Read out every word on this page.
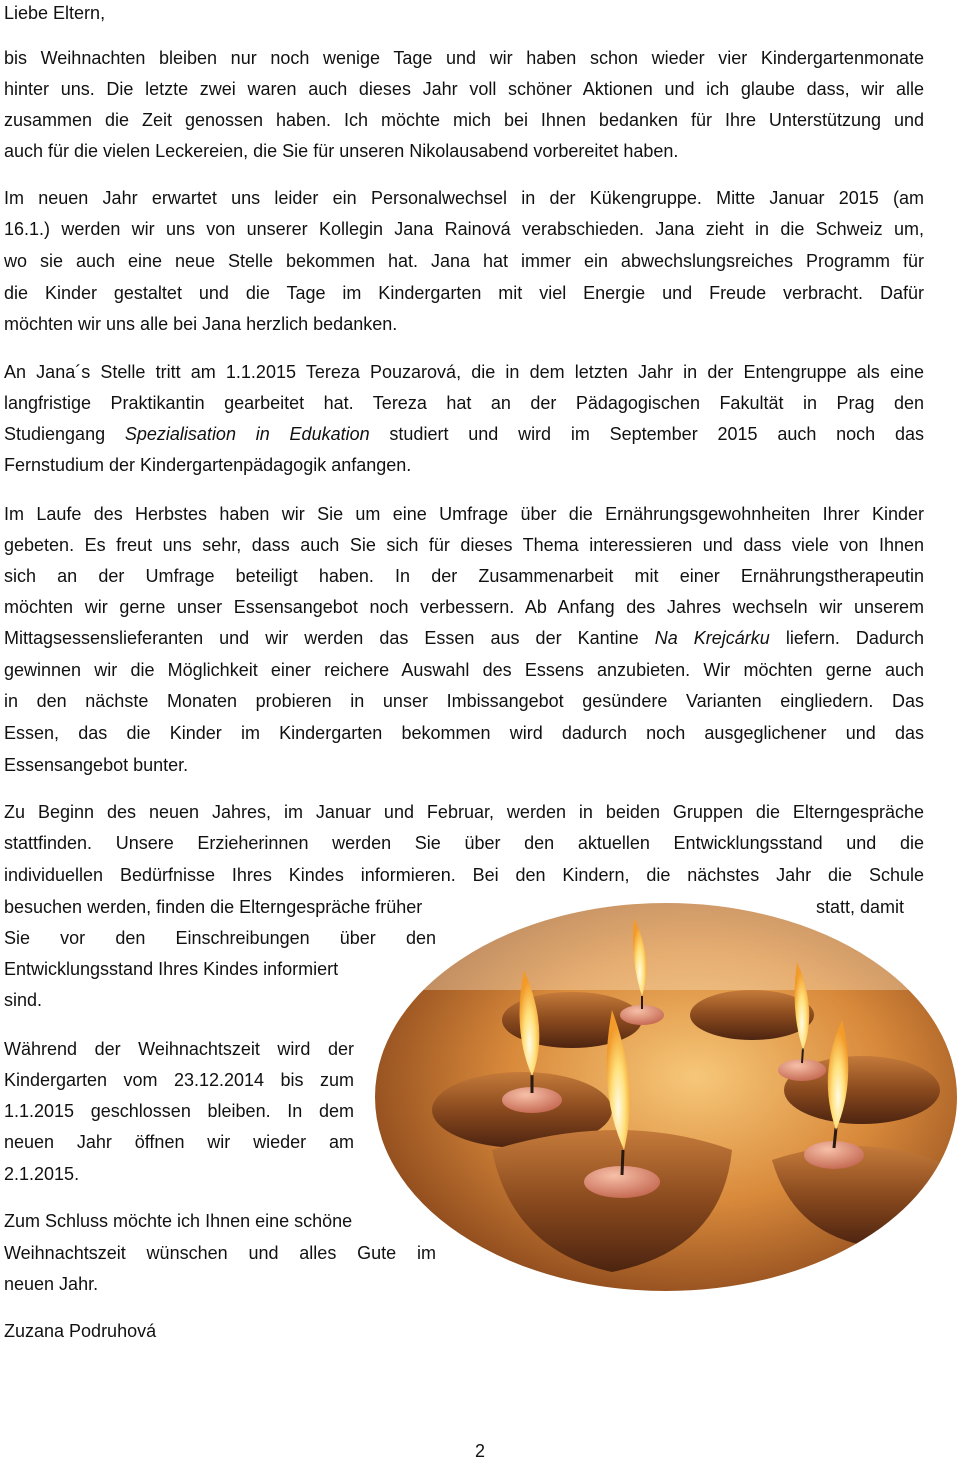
Liebe Eltern,
bis Weihnachten bleiben nur noch wenige Tage und wir haben schon wieder vier Kindergartenmonate
hinter uns. Die letzte zwei waren auch dieses Jahr voll schöner Aktionen und ich glaube dass, wir alle
zusammen die Zeit genossen haben. Ich möchte mich bei Ihnen bedanken für Ihre Unterstützung und
auch für die vielen Leckereien, die Sie für unseren Nikolausabend vorbereitet haben.
Im neuen Jahr erwartet uns leider ein Personalwechsel in der Kükengruppe. Mitte Januar 2015 (am
16.1.) werden wir uns von unserer Kollegin Jana Rainová verabschieden. Jana zieht in die Schweiz um,
wo sie auch eine neue Stelle bekommen hat. Jana hat immer ein abwechslungsreiches Programm für
die Kinder gestaltet und die Tage im Kindergarten mit viel Energie und Freude verbracht. Dafür
möchten wir uns alle bei Jana herzlich bedanken.
An Jana´s Stelle tritt am 1.1.2015 Tereza Pouzarová, die in dem letzten Jahr in der Entengruppe als eine
langfristige Praktikantin gearbeitet hat. Tereza hat an der Pädagogischen Fakultät in Prag den
Studiengang Spezialisation in Edukation studiert und wird im September 2015 auch noch das
Fernstudium der Kindergartenpädagogik anfangen.
Im Laufe des Herbstes haben wir Sie um eine Umfrage über die Ernährungsgewohnheiten Ihrer Kinder
gebeten. Es freut uns sehr, dass auch Sie sich für dieses Thema interessieren und dass viele von Ihnen
sich an der Umfrage beteiligt haben. In der Zusammenarbeit mit einer Ernährungstherapeutin
möchten wir gerne unser Essensangebot noch verbessern. Ab Anfang des Jahres wechseln wir unserem
Mittagsessenslieferanten und wir werden das Essen aus der Kantine Na Krejcárku liefern. Dadurch
gewinnen wir die Möglichkeit einer reichere Auswahl des Essens anzubieten. Wir möchten gerne auch
in den nächste Monaten probieren in unser Imbissangebot gesündere Varianten eingliedern. Das
Essen, das die Kinder im Kindergarten bekommen wird dadurch noch ausgeglichener und das
Essensangebot bunter.
Zu Beginn des neuen Jahres, im Januar und Februar, werden in beiden Gruppen die Elterngespräche
stattfinden. Unsere Erzieherinnen werden Sie über den aktuellen Entwicklungsstand und die
individuellen Bedürfnisse Ihres Kindes informieren. Bei den Kindern, die nächstes Jahr die Schule
besuchen werden, finden die Elterngespräche früher	statt, damit
Sie vor den Einschreibungen über den
Entwicklungsstand Ihres Kindes informiert
sind.
Während der Weihnachtszeit wird der
Kindergarten vom 23.12.2014 bis zum
1.1.2015 geschlossen bleiben. In dem
neuen Jahr öffnen wir wieder am
2.1.2015.
Zum Schluss möchte ich Ihnen eine schöne
Weihnachtszeit wünschen und alles Gute im
neuen Jahr.
Zuzana Podruhová
2
